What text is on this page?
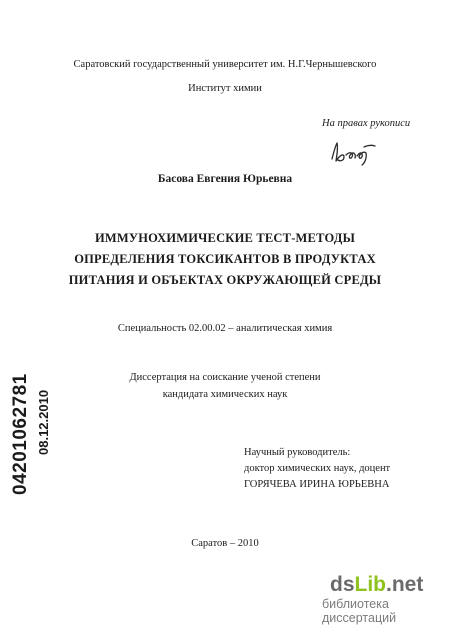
Саратовский государственный университет им. Н.Г.Чернышевского
Институт химии
На правах рукописи
Басова Евгения Юрьевна
ИММУНОХИМИЧЕСКИЕ ТЕСТ-МЕТОДЫ
ОПРЕДЕЛЕНИЯ ТОКСИКАНТОВ В ПРОДУКТАХ
ПИТАНИЯ И ОБЪЕКТАХ ОКРУЖАЮЩЕЙ СРЕДЫ
Специальность 02.00.02 – аналитическая химия
Диссертация на соискание ученой степени
кандидата химических наук
Научный руководитель:
доктор химических наук, доцент
ГОРЯЧЕВА ИРИНА ЮРЬЕВНА
Саратов – 2010
04201062781 08.12.2010
dsLib.net
библиотека диссертаций
